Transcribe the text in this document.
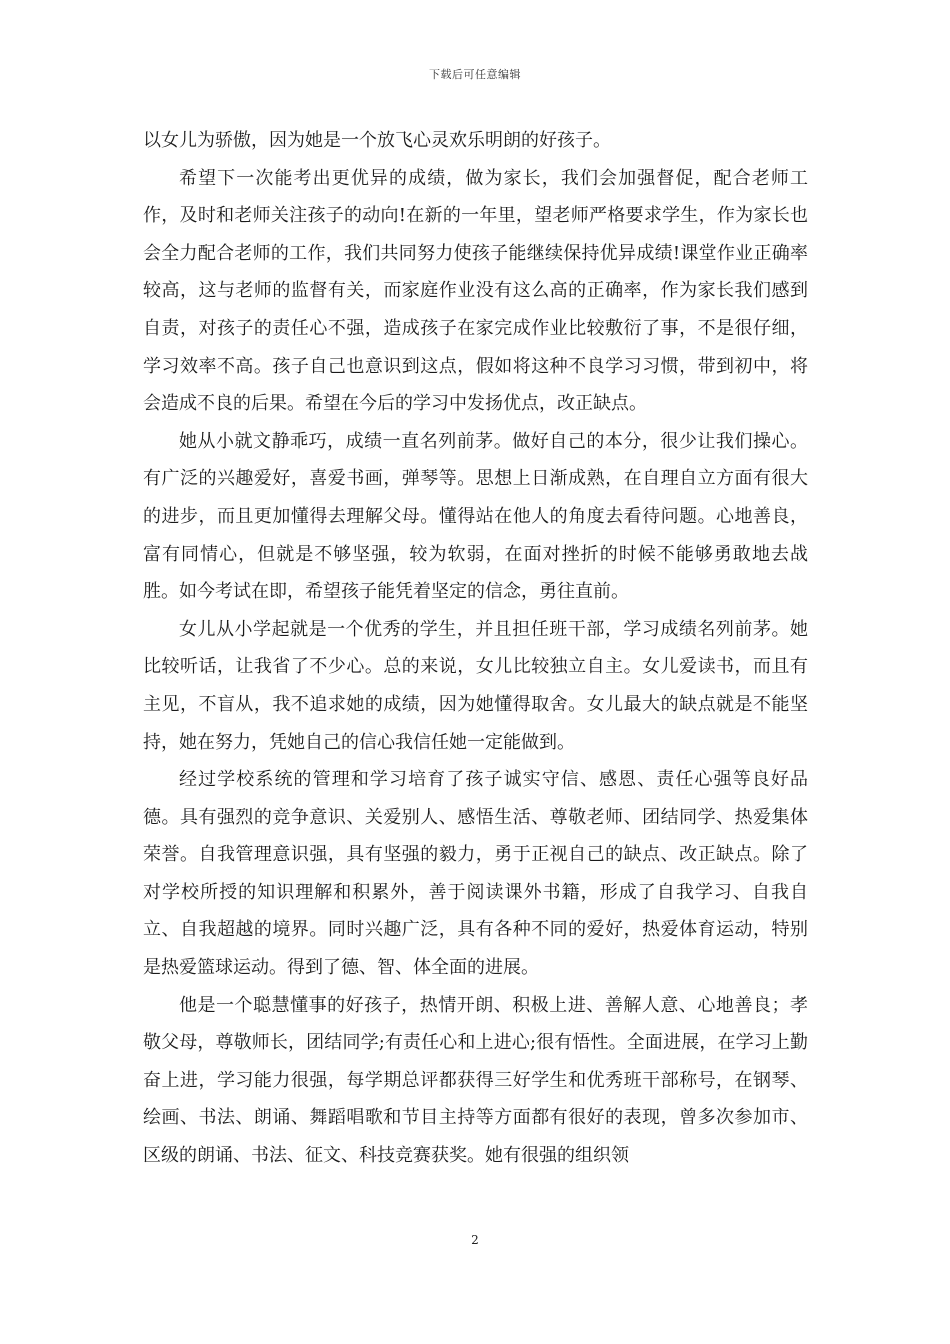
下载后可任意编辑

以女儿为骄傲，因为她是一个放飞心灵欢乐明朗的好孩子。

希望下一次能考出更优异的成绩，做为家长，我们会加强督促，配合老师工作，及时和老师关注孩子的动向!在新的一年里，望老师严格要求学生，作为家长也会全力配合老师的工作，我们共同努力使孩子能继续保持优异成绩!课堂作业正确率较高，这与老师的监督有关，而家庭作业没有这么高的正确率，作为家长我们感到自责，对孩子的责任心不强，造成孩子在家完成作业比较敷衍了事，不是很仔细，学习效率不高。孩子自己也意识到这点，假如将这种不良学习习惯，带到初中，将会造成不良的后果。希望在今后的学习中发扬优点，改正缺点。

她从小就文静乖巧，成绩一直名列前茅。做好自己的本分，很少让我们操心。有广泛的兴趣爱好，喜爱书画，弹琴等。思想上日渐成熟，在自理自立方面有很大的进步，而且更加懂得去理解父母。懂得站在他人的角度去看待问题。心地善良，富有同情心，但就是不够坚强，较为软弱，在面对挫折的时候不能够勇敢地去战胜。如今考试在即，希望孩子能凭着坚定的信念，勇往直前。

女儿从小学起就是一个优秀的学生，并且担任班干部，学习成绩名列前茅。她比较听话，让我省了不少心。总的来说，女儿比较独立自主。女儿爱读书，而且有主见，不盲从，我不追求她的成绩，因为她懂得取舍。女儿最大的缺点就是不能坚持，她在努力，凭她自己的信心我信任她一定能做到。

经过学校系统的管理和学习培育了孩子诚实守信、感恩、责任心强等良好品德。具有强烈的竞争意识、关爱别人、感悟生活、尊敬老师、团结同学、热爱集体荣誉。自我管理意识强，具有坚强的毅力，勇于正视自己的缺点、改正缺点。除了对学校所授的知识理解和积累外，善于阅读课外书籍，形成了自我学习、自我自立、自我超越的境界。同时兴趣广泛，具有各种不同的爱好，热爱体育运动，特别是热爱篮球运动。得到了德、智、体全面的进展。

他是一个聪慧懂事的好孩子，热情开朗、积极上进、善解人意、心地善良；孝敬父母，尊敬师长，团结同学;有责任心和上进心;很有悟性。全面进展，在学习上勤奋上进，学习能力很强，每学期总评都获得三好学生和优秀班干部称号，在钢琴、绘画、书法、朗诵、舞蹈唱歌和节目主持等方面都有很好的表现，曾多次参加市、区级的朗诵、书法、征文、科技竞赛获奖。她有很强的组织领

2
